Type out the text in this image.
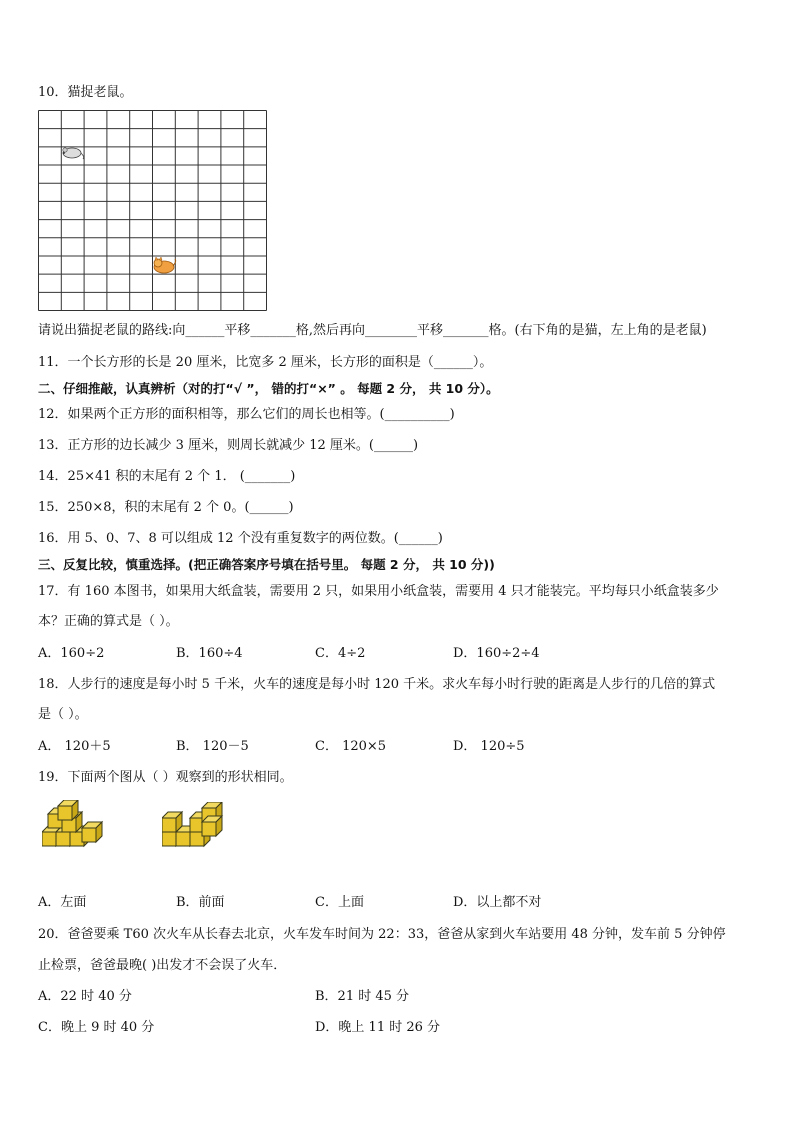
10．猫捉老鼠。
请说出猫捉老鼠的路线:向______平移_______格,然后再向________平移_______格。(右下角的是猫，左上角的是老鼠)
11．一个长方形的长是 20 厘米，比宽多 2 厘米，长方形的面积是（______）。
二、仔细推敲，认真辨析（对的打“√ ”， 错的打“×” 。 每题 2 分， 共 10 分）。
12．如果两个正方形的面积相等，那么它们的周长也相等。(__________)
13．正方形的边长减少 3 厘米，则周长就减少 12 厘米。(______)
14．25×41 积的末尾有 2 个 1． (_______)
15．250×8，积的末尾有 2 个 0。(______)
16．用 5、0、7、8 可以组成 12 个没有重复数字的两位数。(______)
三、反复比较，慎重选择。(把正确答案序号填在括号里。 每题 2 分， 共 10 分))
17．有 160 本图书，如果用大纸盒装，需要用 2 只，如果用小纸盒装，需要用 4 只才能装完。平均每只小纸盒装多少
本？正确的算式是（ ）。
A．160÷2	B．160÷4	C．4÷2	D．160÷2÷4
18．人步行的速度是每小时 5 千米，火车的速度是每小时 120 千米。求火车每小时行驶的距离是人步行的几倍的算式
是（ ）。
A． 120＋5	B． 120－5	C． 120×5	D． 120÷5
19．下面两个图从（ ）观察到的形状相同。
A．左面	B．前面	C．上面	D．以上都不对
20．爸爸要乘 T60 次火车从长春去北京，火车发车时间为 22：33，爸爸从家到火车站要用 48 分钟，发车前 5 分钟停
止检票，爸爸最晚( )出发才不会误了火车．
A．22 时 40 分	B．21 时 45 分
C．晚上 9 时 40 分	D．晚上 11 时 26 分
